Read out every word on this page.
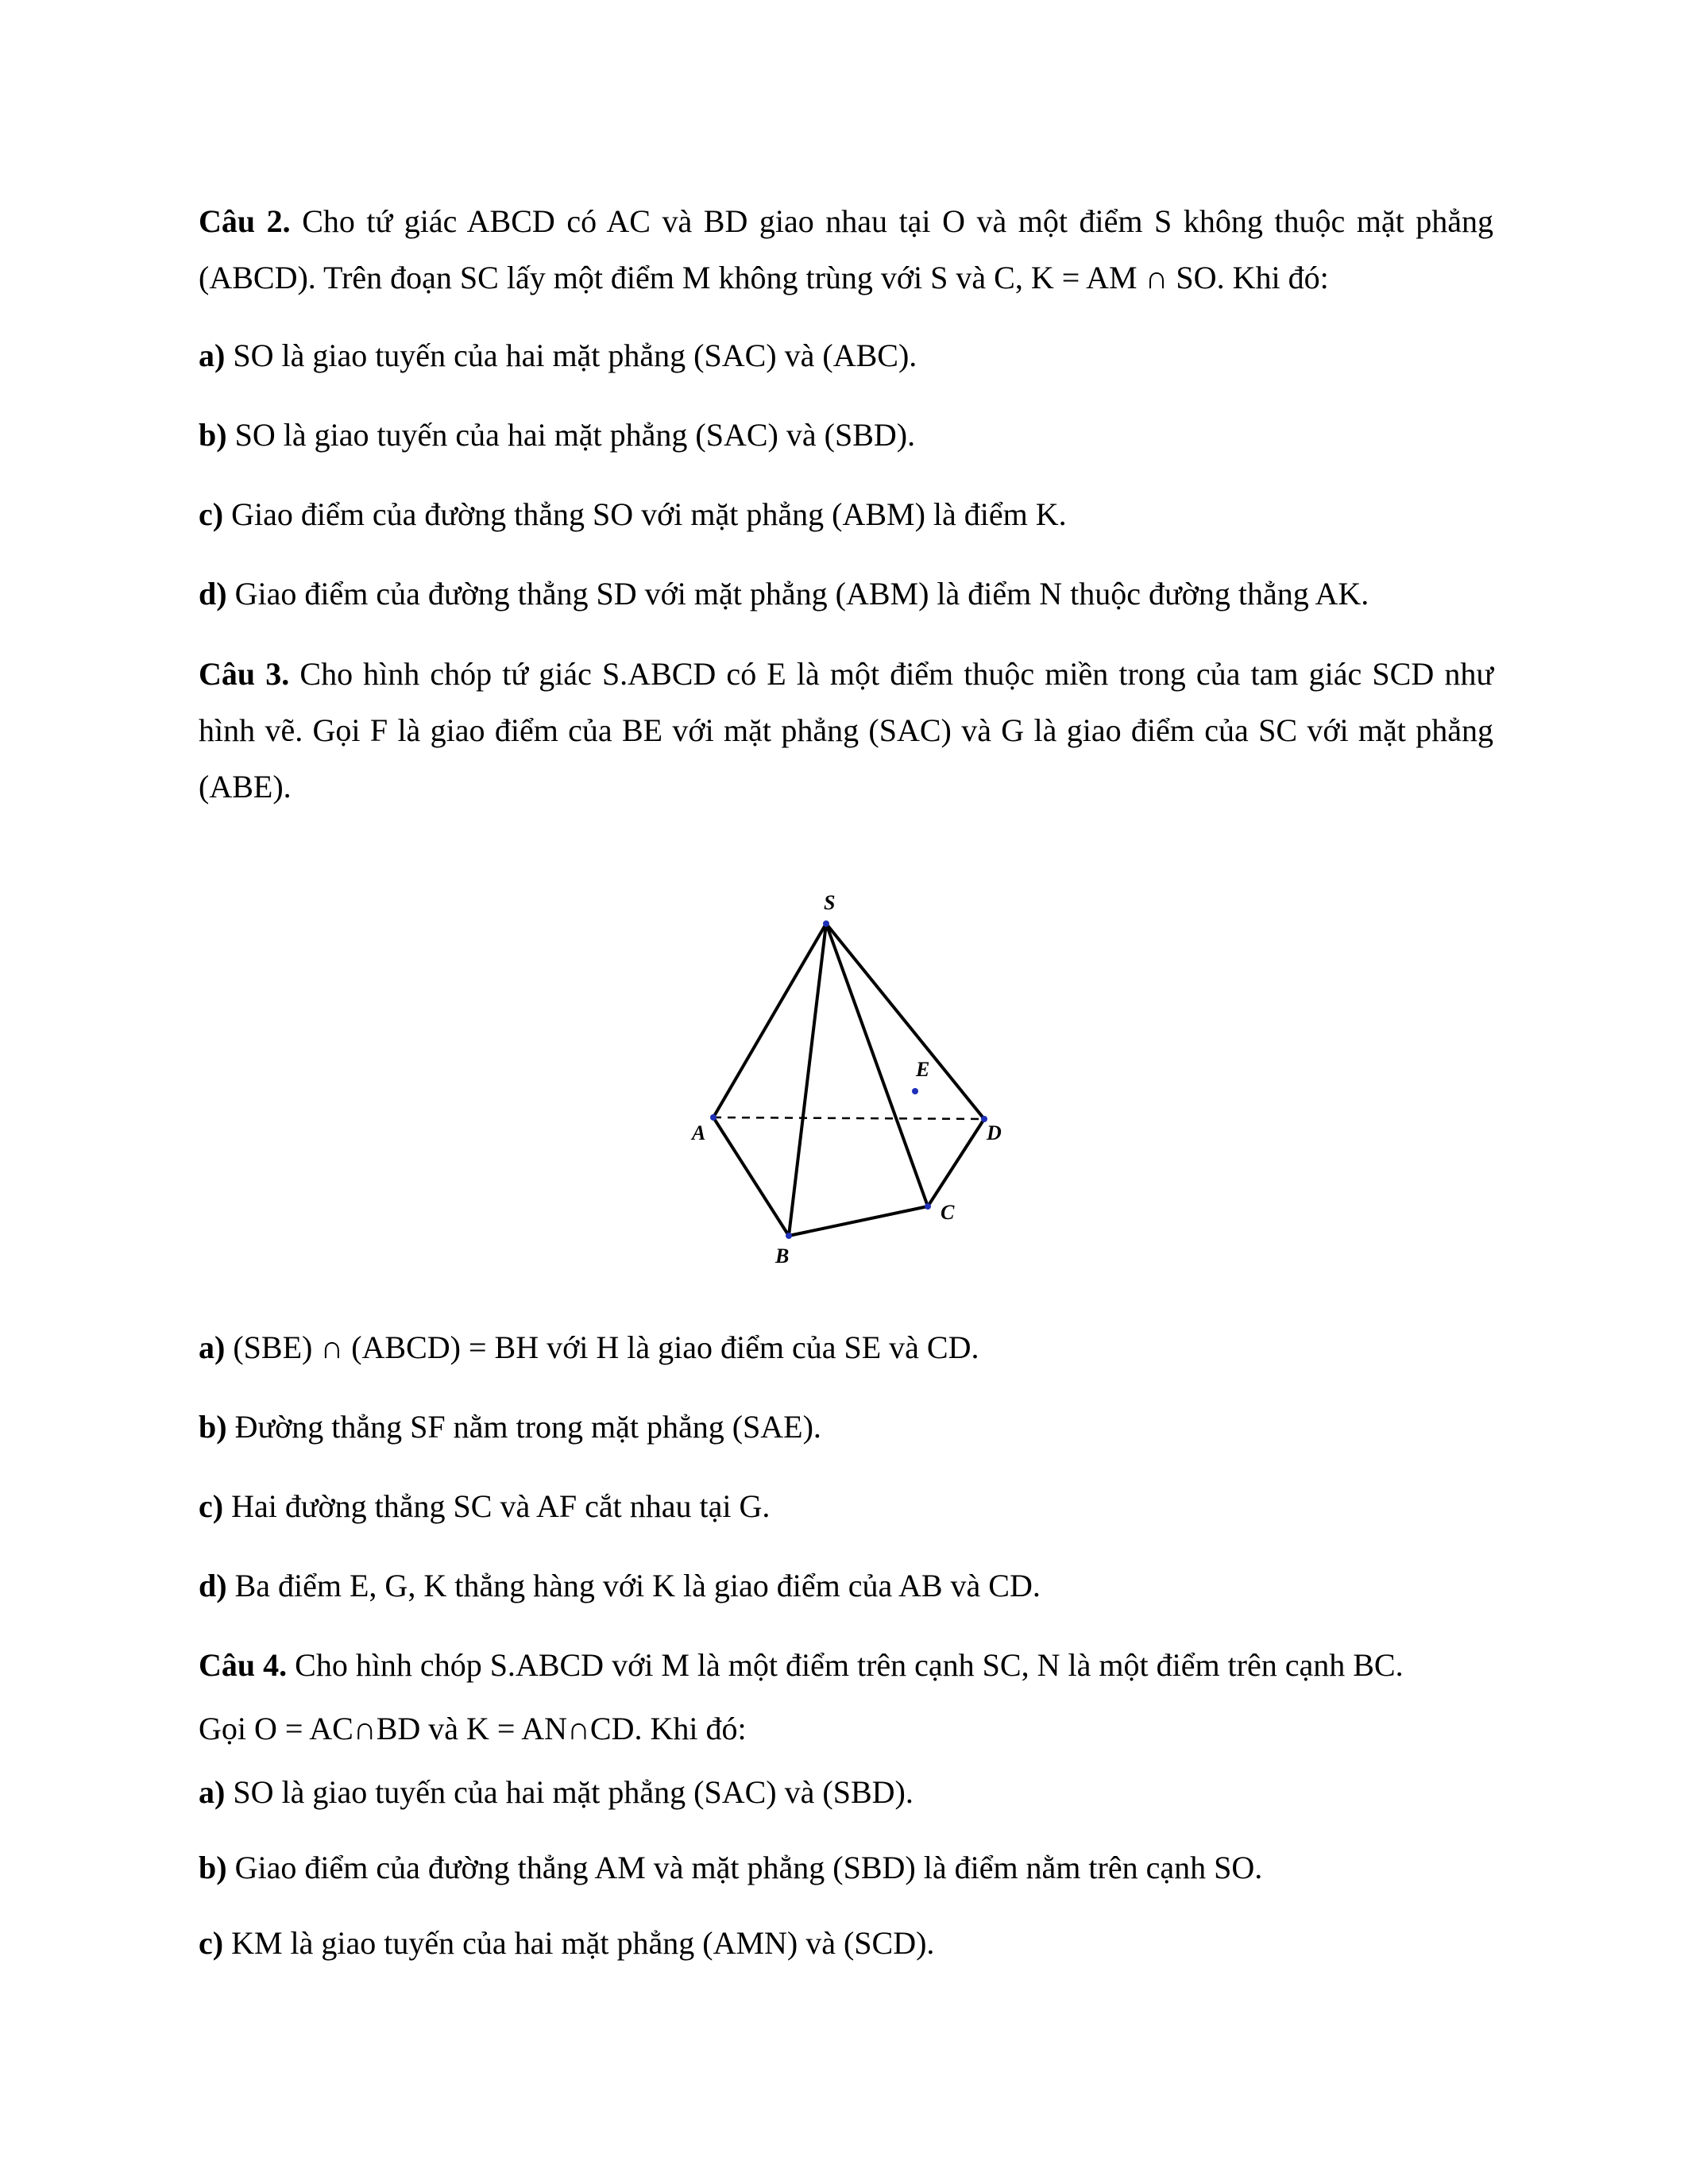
Câu 2. Cho tứ giác ABCD có AC và BD giao nhau tại O và một điểm S không thuộc mặt phẳng (ABCD). Trên đoạn SC lấy một điểm M không trùng với S và C, K = AM ∩ SO. Khi đó:

a) SO là giao tuyến của hai mặt phẳng (SAC) và (ABC).

b) SO là giao tuyến của hai mặt phẳng (SAC) và (SBD).

c) Giao điểm của đường thẳng SO với mặt phẳng (ABM) là điểm K.

d) Giao điểm của đường thẳng SD với mặt phẳng (ABM) là điểm N thuộc đường thẳng AK.

Câu 3. Cho hình chóp tứ giác S.ABCD có E là một điểm thuộc miền trong của tam giác SCD như hình vẽ. Gọi F là giao điểm của BE với mặt phẳng (SAC) và G là giao điểm của SC với mặt phẳng (ABE).

S
A
B
C
D
E

a) (SBE) ∩ (ABCD) = BH với H là giao điểm của SE và CD.

b) Đường thẳng SF nằm trong mặt phẳng (SAE).

c) Hai đường thẳng SC và AF cắt nhau tại G.

d) Ba điểm E, G, K thẳng hàng với K là giao điểm của AB và CD.

Câu 4. Cho hình chóp S.ABCD với M là một điểm trên cạnh SC, N là một điểm trên cạnh BC.

Gọi O = AC∩BD và K = AN∩CD. Khi đó:

a) SO là giao tuyến của hai mặt phẳng (SAC) và (SBD).

b) Giao điểm của đường thẳng AM và mặt phẳng (SBD) là điểm nằm trên cạnh SO.

c) KM là giao tuyến của hai mặt phẳng (AMN) và (SCD).
